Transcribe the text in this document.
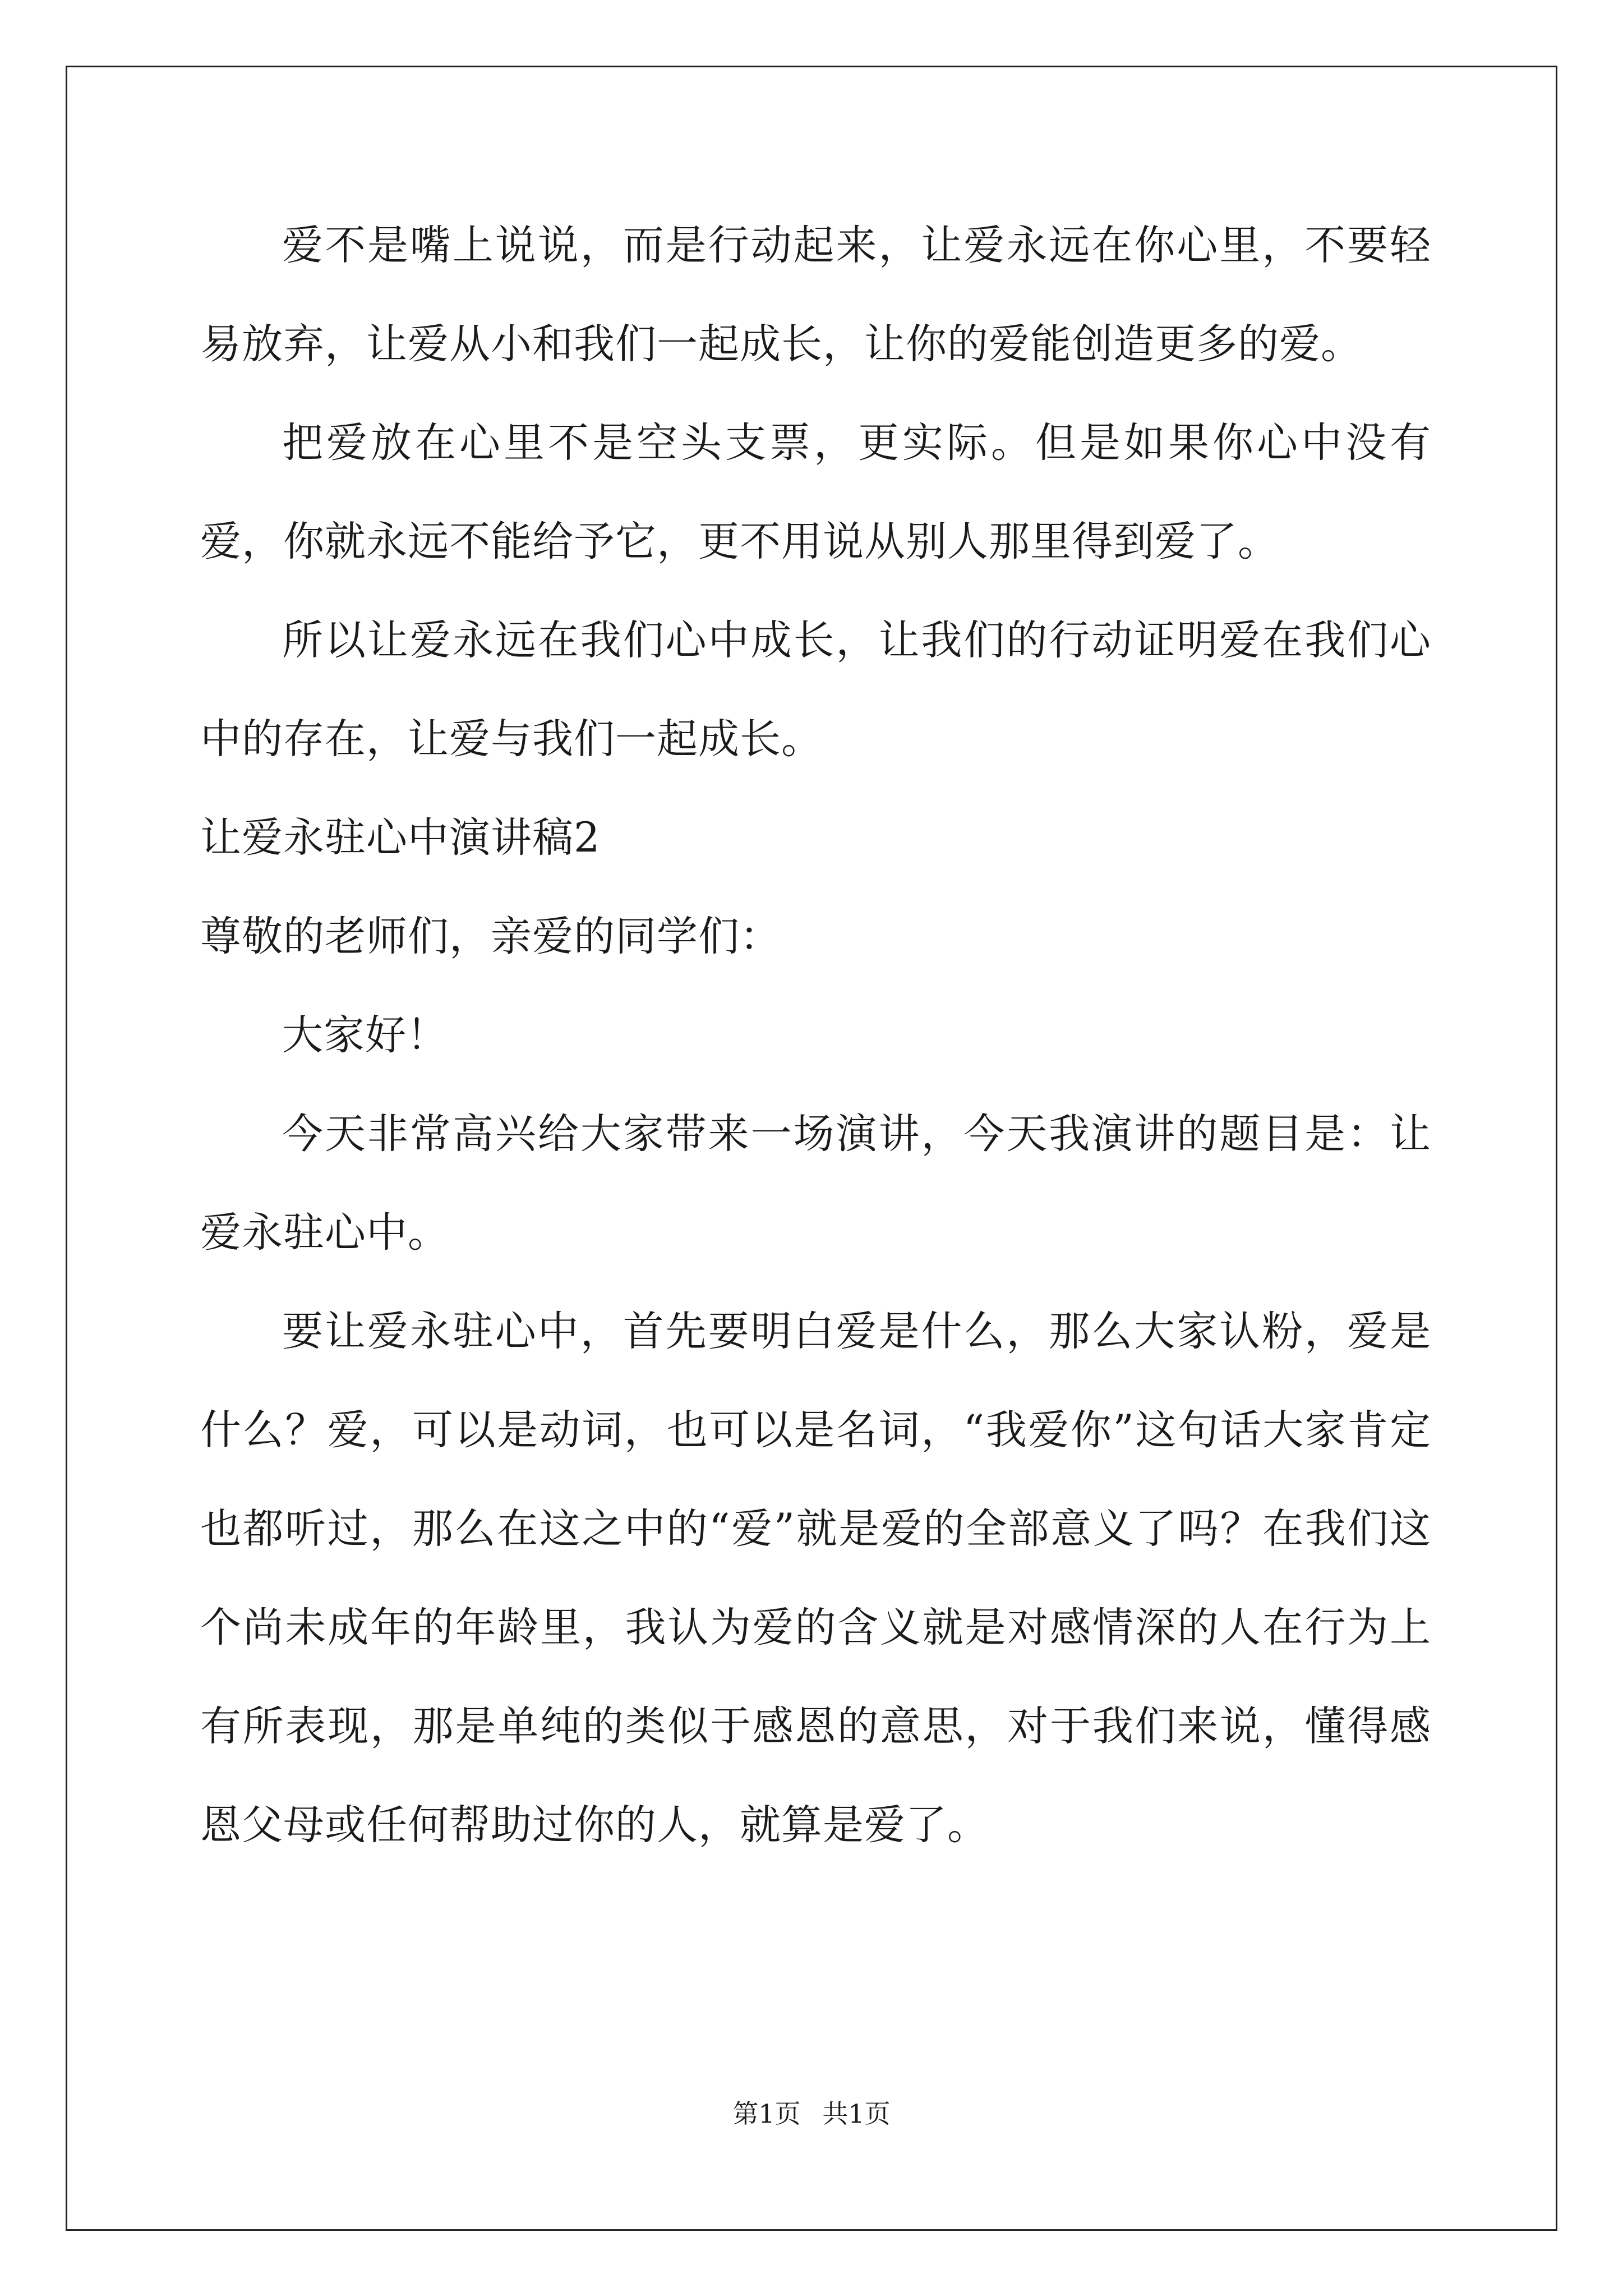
爱不是嘴上说说，而是行动起来，让爱永远在你心里，不要轻易放弃，让爱从小和我们一起成长，让你的爱能创造更多的爱。

把爱放在心里不是空头支票，更实际。但是如果你心中没有爱，你就永远不能给予它，更不用说从别人那里得到爱了。

所以让爱永远在我们心中成长，让我们的行动证明爱在我们心中的存在，让爱与我们一起成长。

让爱永驻心中演讲稿2

尊敬的老师们，亲爱的同学们：

大家好！

今天非常高兴给大家带来一场演讲，今天我演讲的题目是：让爱永驻心中。

要让爱永驻心中，首先要明白爱是什么，那么大家认粉，爱是什么？爱，可以是动词，也可以是名词，“我爱你”这句话大家肯定也都听过，那么在这之中的“爱”就是爱的全部意义了吗？在我们这个尚未成年的年龄里，我认为爱的含义就是对感情深的人在行为上有所表现，那是单纯的类似于感恩的意思，对于我们来说，懂得感恩父母或任何帮助过你的人，就算是爱了。

第1页 共1页
